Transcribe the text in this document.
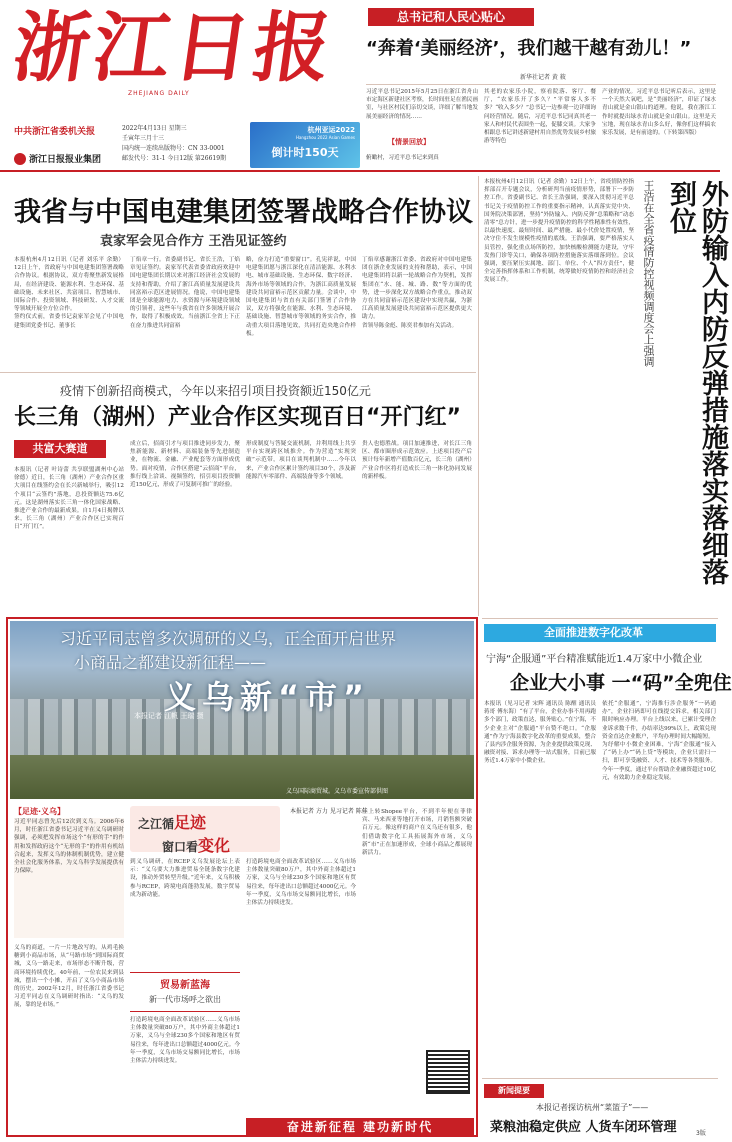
浙江日报
ZHEJIANG DAILY
中共浙江省委机关报
浙江日报报业集团
2022年4月13日 星期三
壬寅年三月十三
国内统一连续出版物号：CN 33-0001
邮发代号：31-1 今日12版 第26619期
杭州亚运2022
Hangzhou 2022 Asian Games
倒计时150天
总书记和人民心贴心
“奔着‘美丽经济’，我们越干越有劲儿！”
新华社记者 黄 筱
习近平总书记2015年5月25日在浙江省舟山市定海区新建社区考察，长时间驻足在渔民画室，与社区村民们亲切交谈，详细了解当地发展美丽经济的情况……
【情景回放】
俯瞰村，习近平总书记来到真
其老的农家乐小院，察看院落、客厅、餐厅，“农家乐开了多久？”平常客人多不多？“收入多少？”总书记一边参观一边详细询问经营情况。随后，习近平总书记同真其老一家人和村民代表围坐一起，促膝交谈。大家争相跟总书记讲述新建村用自然优势发展乡村旅游等特色
产业的情况。习近平总书记听后表示，这里是一个天然大氧吧，是“美丽经济”，印证了绿水青山就是金山银山的道理。他说，我在浙江工作时就提出绿水青山就是金山银山。这里是天宝地，现在绿水青山多么好，像你们这样搞农家乐发展，是有前途的。（下转第四版）
我省与中国电建集团签署战略合作协议
袁家军会见合作方 王浩见证签约
本报杭州4月12日讯（记者 刘乐平 余勤）12日上午，省政府与中国电建集团签署战略合作协议。根据协议，双方将聚焦新发展格局，在经济建设、能源水利、生态环保、基础设施、未来社区、共富项目、智慧城市、国际合作、投资领域、科技研发、人才交流等领域开展全方位合作。
签约仪式前，省委书记袁家军会见了中国电建集团党委书记、董事长
丁焰章一行。省委副书记、省长王浩，丁焰章见证签约。袁家军代表省委省政府欢迎中国电建集团长期以来对浙江经济社会发展的支持和帮助，介绍了浙江高质量发展建设共同富裕示范区进展情况。他说，中国电建集团是全球能源电力、水资源与环境建设领域的引领者，这些年与我省在许多领域开展合作，取得了积极成效。当前浙江全省上下正在奋力推进共同富裕
略，奋力打造“重要窗口”。孔宪祥说，中国电建集团愿与浙江深化在清洁能源、水利水电、城市基础设施、生态环保、数字经济、海外市场等领域的合作，为浙江高质量发展建设共同富裕示范区贡献力量。会谈中，中国电建集团与省直有关部门签署了合作协议，双方将强化在能源、水利、生态环境、基础设施、智慧城市等领域的务实合作，推动重大项目落地见效，共同打造央地合作样板。
丁焰章感谢浙江省委、省政府对中国电建集团在浙企业发展的支持和帮助，表示，中国电建集团将以新一轮战略合作为契机，发挥集团在“水、能、城、路、数”等方面的优势，进一步深化双方战略合作重点，推动双方在共同富裕示范区建设中实现共赢，为浙江高质量发展建设共同富裕示范区提供更大助力。
省领导陈金彪、陈奕君参加有关活动。
本报杭州4月12日讯（记者 余勤）12日上午，省疫情防控指挥部召开专题会议，分析研判当前疫情形势，部署下一步防控工作。省委副书记、省长王浩强调，要深入贯彻习近平总书记关于疫情防控工作的重要指示精神，认真落实党中央、国务院决策部署，坚持“外防输入、内防反弹”总策略和“动态清零”总方针，进一步提升疫情防控的科学性精准性有效性，以最快速度、最短时间、最严措施、最小代价处置疫情，坚决守住不发生规模性疫情的底线。王浩强调，要严格落实人员管控，强化重点场所防控，加快核酸检测能力建设，守牢发热门诊等关口，确保各项防控措施落实落细落到位。会议强调，要压紧压实属地、部门、单位、个人“四方责任”，健全完善指挥体系和工作机制，统筹做好疫情防控和经济社会发展工作。	外防输入内防反弹措施落实落细落到位
王浩在全省疫情防控视频调度会上强调
疫情下创新招商模式，今年以来招引项目投资额近150亿元
长三角（湖州）产业合作区实现百日“开门红”
共富大赛道
本报讯（记者 叶诗蕾 共享联盟湖州中心站 徐德）近日，长三角（湖州）产业合作区重大项目在线签约会在长兴新城举行，吸引12个项目“云签约”落地，总投资额达75.6亿元。这是湖州落实长三角一体化国家战略、推进产业合作的最新成果。自1月4日揭牌以来，长三角（湖州）产业合作区已实现百日“开门红”。
成立后，招商引才与项目推进同步发力，聚焦新能源、新材料、高端装备等先进制造业，在物流、金融、产业配套等方面形成优势。面对疫情，合作区搭建“云招商”平台，推行线上洽谈、视频签约，招引项目投资额近150亿元，形成了可复制可推广的经验。
形成制度与答疑交流机制，并利用线上共享平台实现跨区域推介。作为营造“实现突破”示范带，项目在谈判机制中……今年以来，产业合作区累计签约项目30个，涉及新能源汽车零部件、高端装备等多个领域。
贵人也德胜战。项目加速推进，对长江三角区、都市圈形成示范效应。上述项目投产后预计每年新增产值数百亿元，长三角（湖州）产业合作区将打造成长三角一体化协同发展的新样板。
习近平同志曾多次调研的义乌，正全面开启世界
小商品之都建设新征程——
义乌新“市”
本报记者 江帆 王瑞 摄
义乌国际商贸城。义乌市委宣传部供图
【足迹·义乌】
习近平同志曾先后12次到义乌。2006年6月，时任浙江省委书记习近平在义乌调研时强调，必须把发挥市场这个“有形的手”的作用和发挥政府这个“无形的手”的作用有机结合起来，发挥义乌的体制机制优势，建立健全社会化服务体系，为义乌科学发展提供有力保障。
义乌的商道，一片一片地改写的。从鸡毛换糖到小商品市场，从“马路市场”到国际商贸城，义乌一路走来，市场形态不断升级，营商环境持续优化。40年前，一位农民来到县城，摆出一个小摊，开启了义乌小商品市场的历史。2002年12月，时任浙江省委书记习近平同志在义乌调研时指出：“义乌的发展，靠的是市场。”
之江循足迹
窗口看变化
本报记者 方力 见习记者 陈佳
到义乌调研，在RCEP义乌发展论坛上表示：“义乌要大力推进贸易全链条数字化建设，推动外贸转型升级。”近年来，义乌积极参与RCEP，跨境电商蓬勃发展，数字贸易成为新动能。
贸易新蓝海
新一代市场呼之欲出
打造跨境电商全面改革试验区……义乌市场主体数量突破80万户，其中外商主体超过1万家，义乌与全球230多个国家和地区有贸易往来，每年进出口总额超过4000亿元。今年一季度，义乌市场交易额同比增长，市场主体活力持续迸发。
打造跨境电商全面改革试验区……义乌市场主体数量突破80万户，其中外商主体超过1万家，义乌与全球230多个国家和地区有贸易往来，每年进出口总额超过4000亿元。今年一季度，义乌市场交易额同比增长，市场主体活力持续迸发。
年上转Shopee平台，不到半年便在菲律宾、马来西亚等地打开市场，月销售额突破百万元。像这样的商户在义乌还有很多，他们借助数字化工具拓展海外市场，义乌新“市”正在加速形成，全球小商品之都展现新活力。
奋进新征程 建功新时代
全面推进数字化改革
宁海“企服通”平台精准赋能近1.4万家中小微企业
企业大小事 一“码”全兜住
本报讯（见习记者 宋辉 通讯员 陈醒 通讯员 蒋哥 傅东海）“有了平台，企业办事不用再跑多个部门，政策直达，服务贴心。”在宁海，不少企业主对“企服通”平台赞不绝口。“企服通”作为宁海县数字化改革的重要成果，整合了县内涉企服务资源，为企业提供政策兑现、融资对接、诉求办理等一站式服务，目前已服务近1.4万家中小微企业。
依托“企服通”，宁海推行涉企服务“一码通办”，企业扫码即可在线提交诉求，相关部门限时响应办理。平台上线以来，已累计受理企业诉求数千件，办结率达99%以上，政策兑现资金直达企业账户，平均办理时间大幅缩短。
为纾解中小微企业困难，宁海“企服通”接入了“码上办”“码上贷”等模块，企业只需扫一扫，即可享受融资、人才、技术等各类服务。今年一季度，通过平台帮助企业融资超过10亿元，有效助力企业稳定发展。
新闻提要
本报记者探访杭州“菜篮子”——
菜粮油稳定供应 人货车闭环管理	3版
